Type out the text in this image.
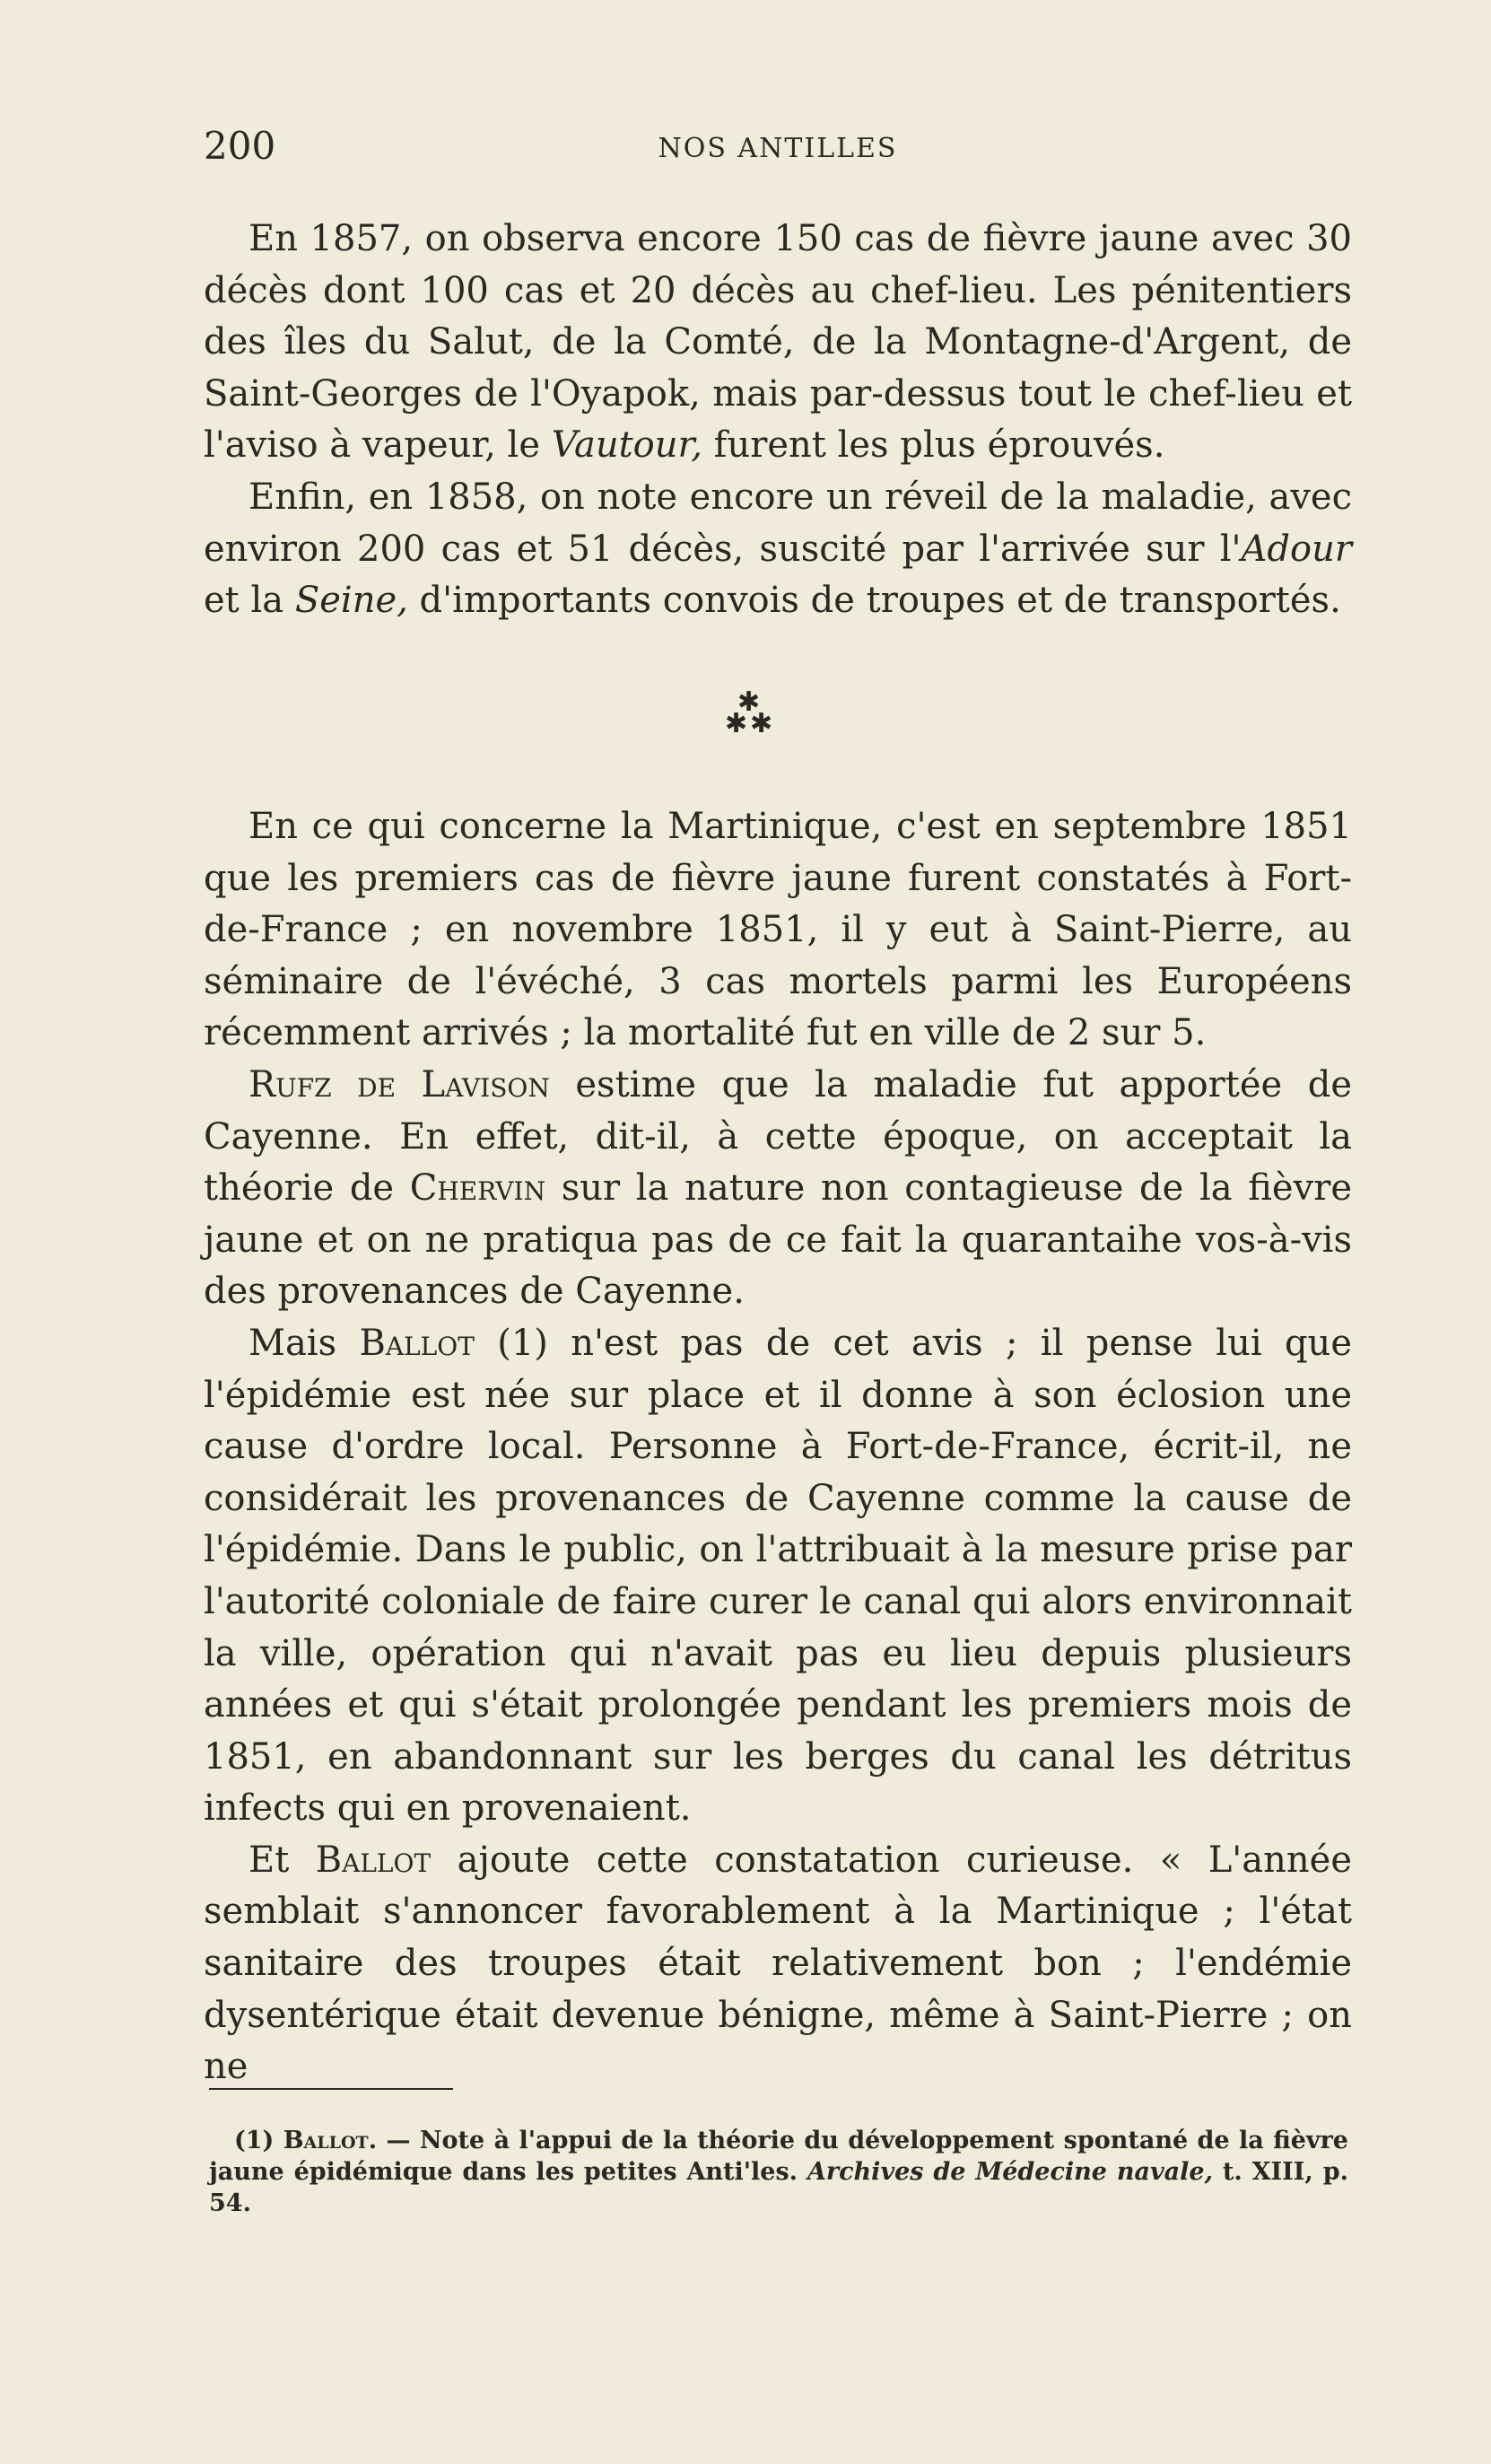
200	NOS ANTILLES

En 1857, on observa encore 150 cas de fièvre jaune avec 30 décès dont 100 cas et 20 décès au chef-lieu. Les pénitentiers des îles du Salut, de la Comté, de la Montagne-d'Argent, de Saint-Georges de l'Oyapok, mais par-dessus tout le chef-lieu et l'aviso à vapeur, le Vautour, furent les plus éprouvés.

Enfin, en 1858, on note encore un réveil de la maladie, avec environ 200 cas et 51 décès, suscité par l'arrivée sur l'Adour et la Seine, d'importants convois de troupes et de transportés.

✱
✱ ✱

En ce qui concerne la Martinique, c'est en septembre 1851 que les premiers cas de fièvre jaune furent constatés à Fort-de-France ; en novembre 1851, il y eut à Saint-Pierre, au séminaire de l'évéché, 3 cas mortels parmi les Européens récemment arrivés ; la mortalité fut en ville de 2 sur 5.

Rufz de Lavison estime que la maladie fut apportée de Cayenne. En effet, dit-il, à cette époque, on acceptait la théorie de Chervin sur la nature non contagieuse de la fièvre jaune et on ne pratiqua pas de ce fait la quarantaihe vos-à-vis des provenances de Cayenne.

Mais Ballot (1) n'est pas de cet avis ; il pense lui que l'épidémie est née sur place et il donne à son éclosion une cause d'ordre local. Personne à Fort-de-France, écrit-il, ne considérait les provenances de Cayenne comme la cause de l'épidémie. Dans le public, on l'attribuait à la mesure prise par l'autorité coloniale de faire curer le canal qui alors environnait la ville, opération qui n'avait pas eu lieu depuis plusieurs années et qui s'était prolongée pendant les premiers mois de 1851, en abandonnant sur les berges du canal les détritus infects qui en provenaient.

Et Ballot ajoute cette constatation curieuse. « L'année semblait s'annoncer favorablement à la Martinique ; l'état sanitaire des troupes était relativement bon ; l'endémie dysentérique était devenue bénigne, même à Saint-Pierre ; on ne

(1) Ballot. — Note à l'appui de la théorie du développement spontané de la fièvre jaune épidémique dans les petites Anti'les. Archives de Médecine navale, t. XIII, p. 54.
